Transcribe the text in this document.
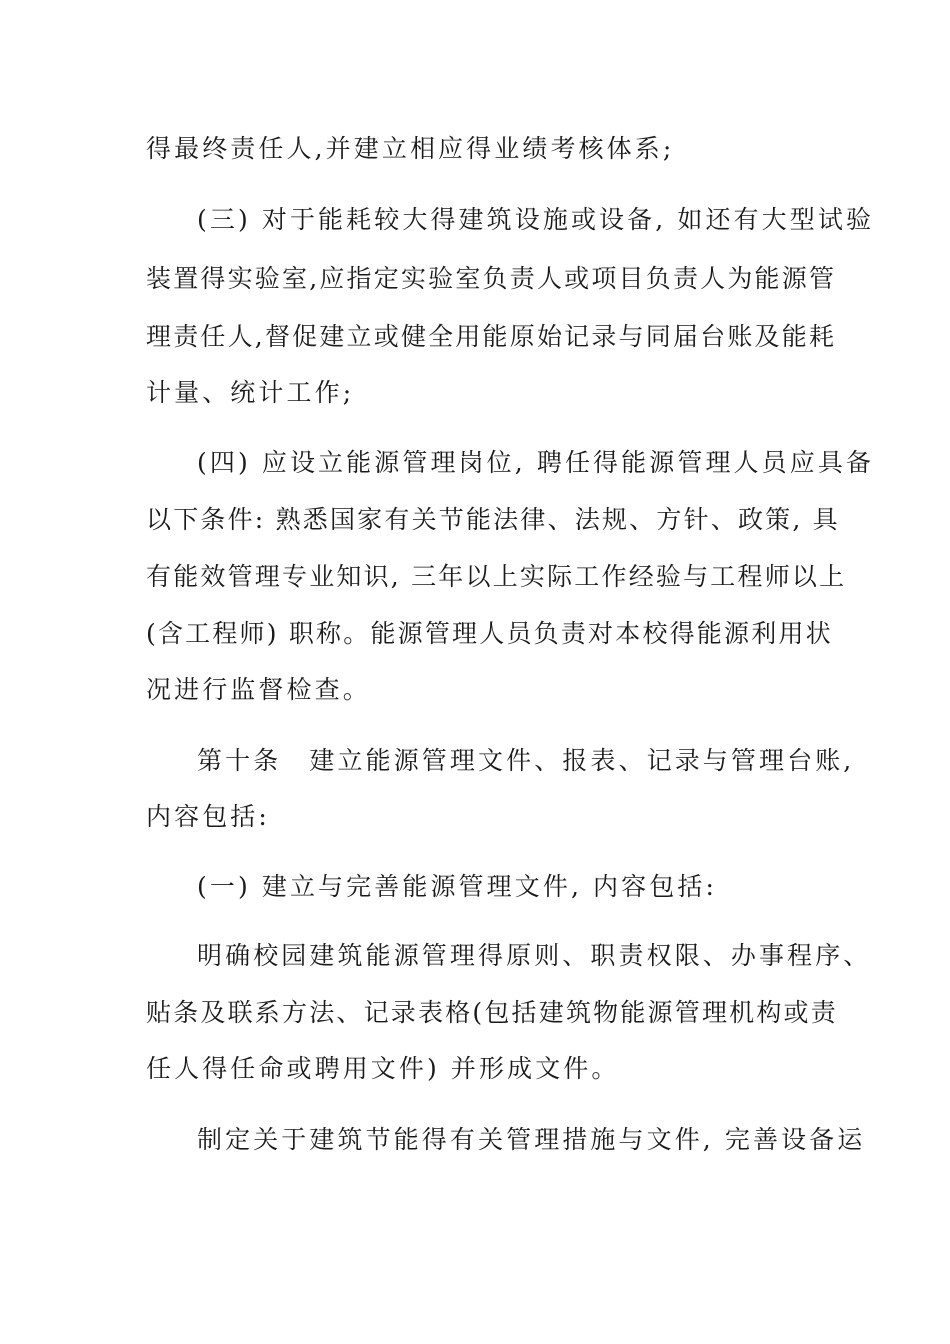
得最终责任人,并建立相应得业绩考核体系;
(三) 对于能耗较大得建筑设施或设备, 如还有大型试验
装置得实验室,应指定实验室负责人或项目负责人为能源管
理责任人,督促建立或健全用能原始记录与同届台账及能耗
计量、统计工作;
(四) 应设立能源管理岗位, 聘任得能源管理人员应具备
以下条件: 熟悉国家有关节能法律、法规、方针、政策, 具
有能效管理专业知识, 三年以上实际工作经验与工程师以上
(含工程师) 职称。能源管理人员负责对本校得能源利用状
况进行监督检查。
第十条　建立能源管理文件、报表、记录与管理台账,
内容包括:
(一) 建立与完善能源管理文件, 内容包括:
明确校园建筑能源管理得原则、职责权限、办事程序、
贴条及联系方法、记录表格(包括建筑物能源管理机构或责
任人得任命或聘用文件) 并形成文件。
制定关于建筑节能得有关管理措施与文件, 完善设备运
